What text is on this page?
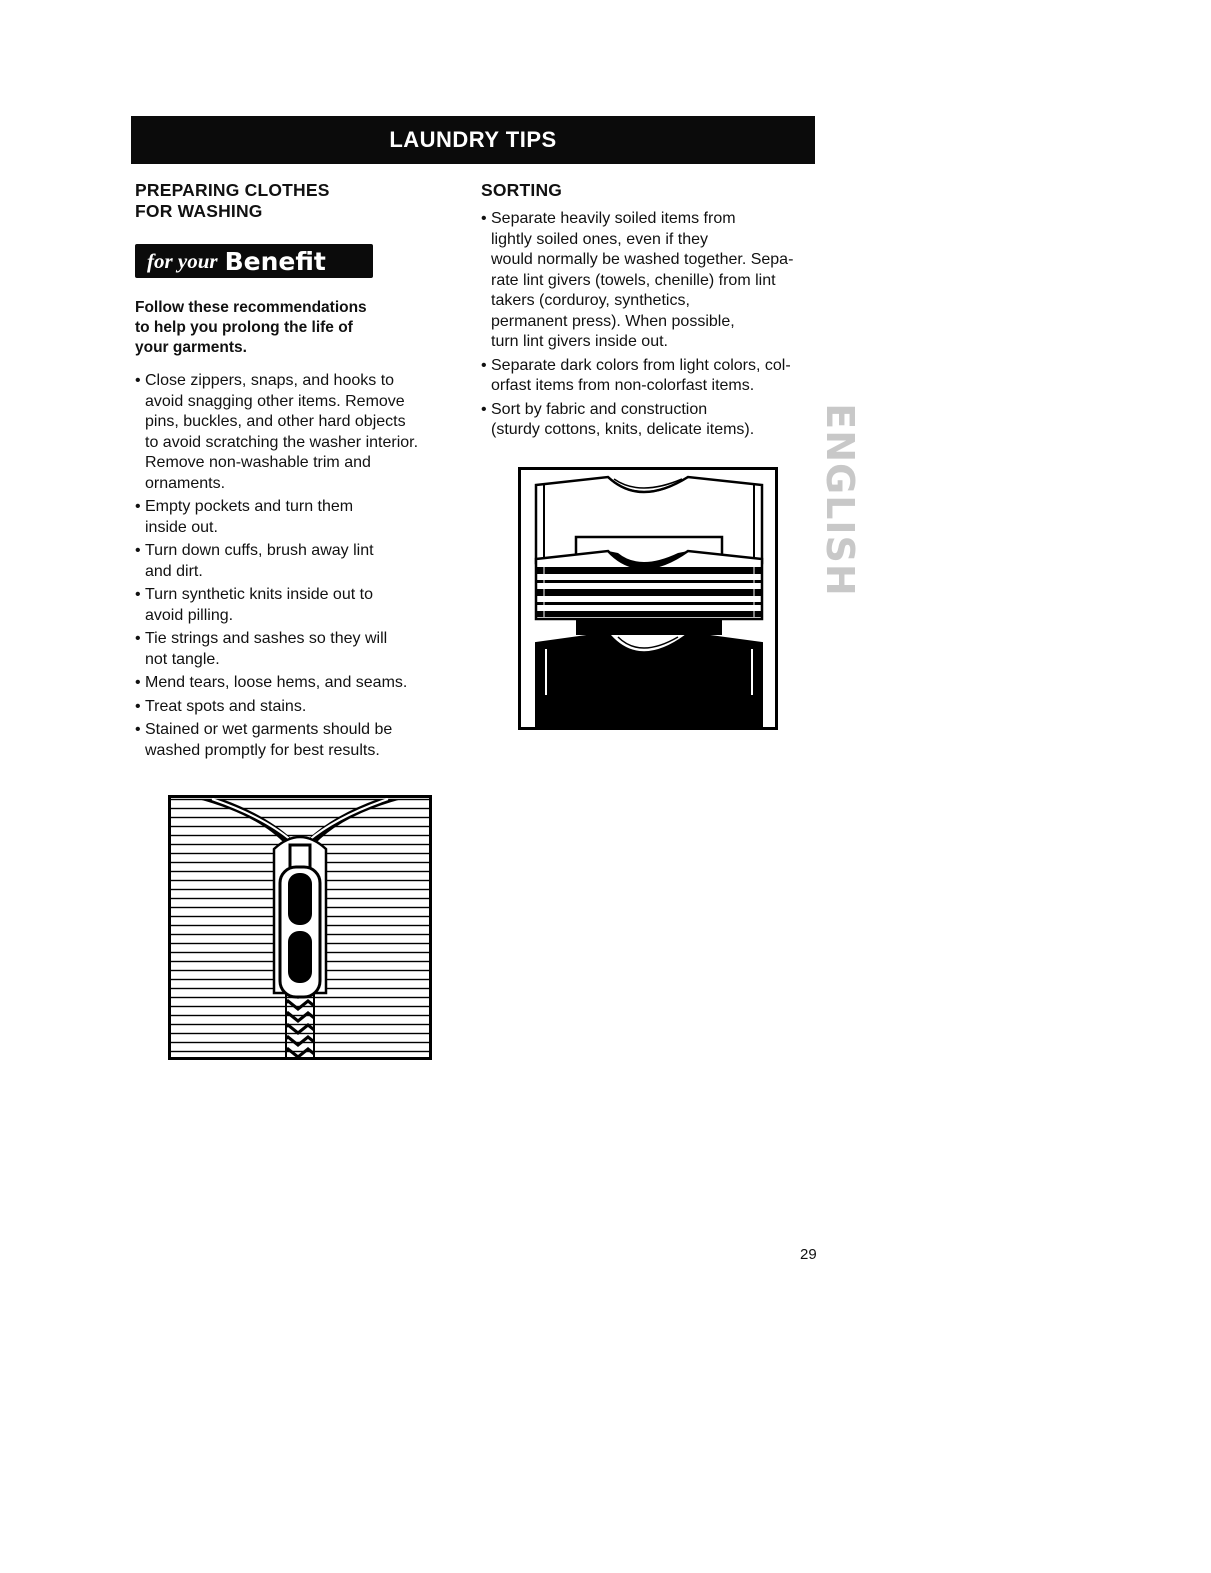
LAUNDRY TIPS
PREPARING CLOTHES
FOR WASHING
for your Benefit
Follow these recommendations
to help you prolong the life of
your garments.
• Close zippers, snaps, and hooks to
avoid snagging other items. Remove
pins, buckles, and other hard objects
to avoid scratching the washer interior.
Remove non-washable trim and
ornaments.
• Empty pockets and turn them
inside out.
• Turn down cuffs, brush away lint
and dirt.
• Turn synthetic knits inside out to
avoid pilling.
• Tie strings and sashes so they will
not tangle.
• Mend tears, loose hems, and seams.
• Treat spots and stains.
• Stained or wet garments should be
washed promptly for best results.
SORTING
• Separate heavily soiled items from
lightly soiled ones, even if they
would normally be washed together. Sepa-
rate lint givers (towels, chenille) from lint
takers (corduroy, synthetics,
permanent press). When possible,
turn lint givers inside out.
• Separate dark colors from light colors, col-
orfast items from non-colorfast items.
• Sort by fabric and construction
(sturdy cottons, knits, delicate items).	ENGLISH
29
